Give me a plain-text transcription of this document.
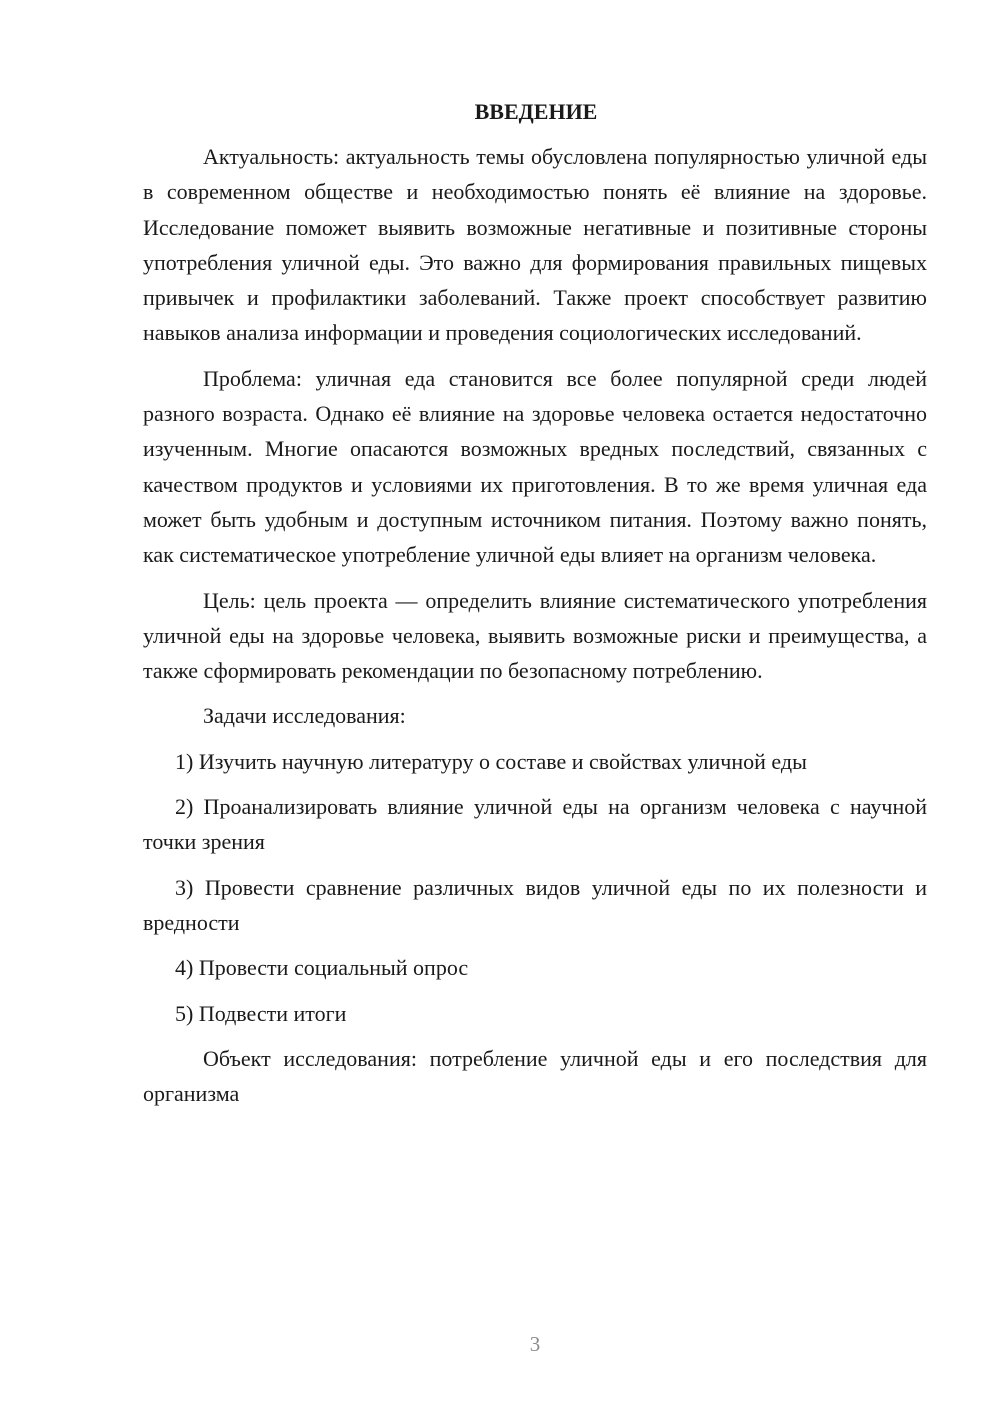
ВВЕДЕНИЕ

Актуальность: актуальность темы обусловлена популярностью уличной еды в современном обществе и необходимостью понять её влияние на здоровье. Исследование поможет выявить возможные негативные и позитивные стороны употребления уличной еды. Это важно для формирования правильных пищевых привычек и профилактики заболеваний. Также проект способствует развитию навыков анализа информации и проведения социологических исследований.

Проблема: уличная еда становится все более популярной среди людей разного возраста. Однако её влияние на здоровье человека остается недостаточно изученным. Многие опасаются возможных вредных последствий, связанных с качеством продуктов и условиями их приготовления. В то же время уличная еда может быть удобным и доступным источником питания. Поэтому важно понять, как систематическое употребление уличной еды влияет на организм человека.

Цель: цель проекта — определить влияние систематического употребления уличной еды на здоровье человека, выявить возможные риски и преимущества, а также сформировать рекомендации по безопасному потреблению.

Задачи исследования:

1) Изучить научную литературу о составе и свойствах уличной еды
2) Проанализировать влияние уличной еды на организм человека с научной точки зрения
3) Провести сравнение различных видов уличной еды по их полезности и вредности
4) Провести социальный опрос
5) Подвести итоги

Объект исследования: потребление уличной еды и его последствия для организма

3
